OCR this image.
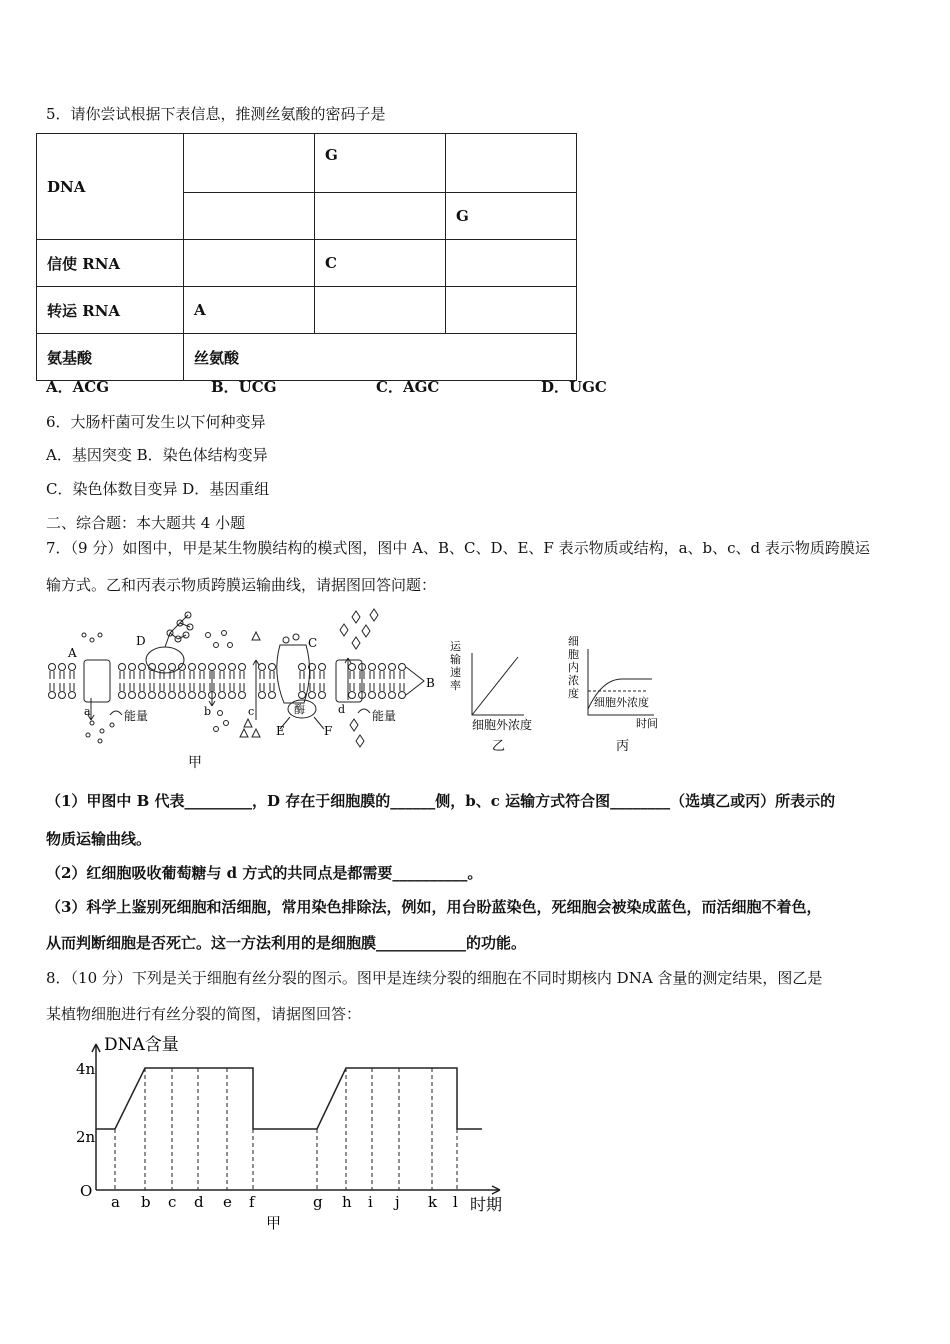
5．请你尝试根据下表信息，推测丝氨酸的密码子是
DNA		G	
			G
信使 RNA		C	
转运 RNA	A		
氨基酸	丝氨酸		
A．ACG	B．UCG	C．AGC	D．UGC
6．大肠杆菌可发生以下何种变异
A．基因突变 B．染色体结构变异
C．染色体数目变异 D．基因重组
二、综合题：本大题共 4 小题
7．（9 分）如图中，甲是某生物膜结构的模式图，图中 A、B、C、D、E、F 表示物质或结构，a、b、c、d 表示物质跨膜运
输方式。乙和丙表示物质跨膜运输曲线，请据图回答问题：
A
B
C
D
E	F
a	b	c	d
能量	能量
酶
甲
运
输
速
率
细胞外浓度
乙
细
胞
内
浓
度
细胞外浓度
时间
丙
（1）甲图中 B 代表_________，D 存在于细胞膜的______侧，b、c 运输方式符合图________（选填乙或丙）所表示的
物质运输曲线。
（2）红细胞吸收葡萄糖与 d 方式的共同点是都需要__________。
（3）科学上鉴别死细胞和活细胞，常用染色排除法，例如，用台盼蓝染色，死细胞会被染成蓝色，而活细胞不着色，
从而判断细胞是否死亡。这一方法利用的是细胞膜____________的功能。
8．（10 分）下列是关于细胞有丝分裂的图示。图甲是连续分裂的细胞在不同时期核内 DNA 含量的测定结果，图乙是
某植物细胞进行有丝分裂的简图，请据图回答：
DNA含量
4n
2n
O
时期
甲
a b c d e f	g h i j k l
